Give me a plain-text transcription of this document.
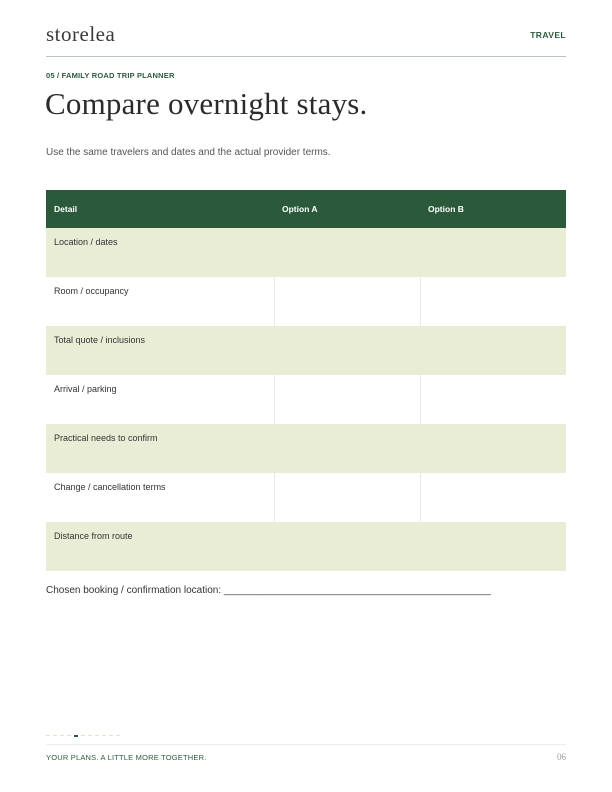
storelea	TRAVEL
05 / FAMILY ROAD TRIP PLANNER
Compare overnight stays.

Use the same travelers and dates and the actual provider terms.

Detail	Option A	Option B
Location / dates		
Room / occupancy		
Total quote / inclusions		
Arrival / parking		
Practical needs to confirm		
Change / cancellation terms		
Distance from route		
Chosen booking / confirmation location: ________________________________________________
YOUR PLANS. A LITTLE MORE TOGETHER.	06
